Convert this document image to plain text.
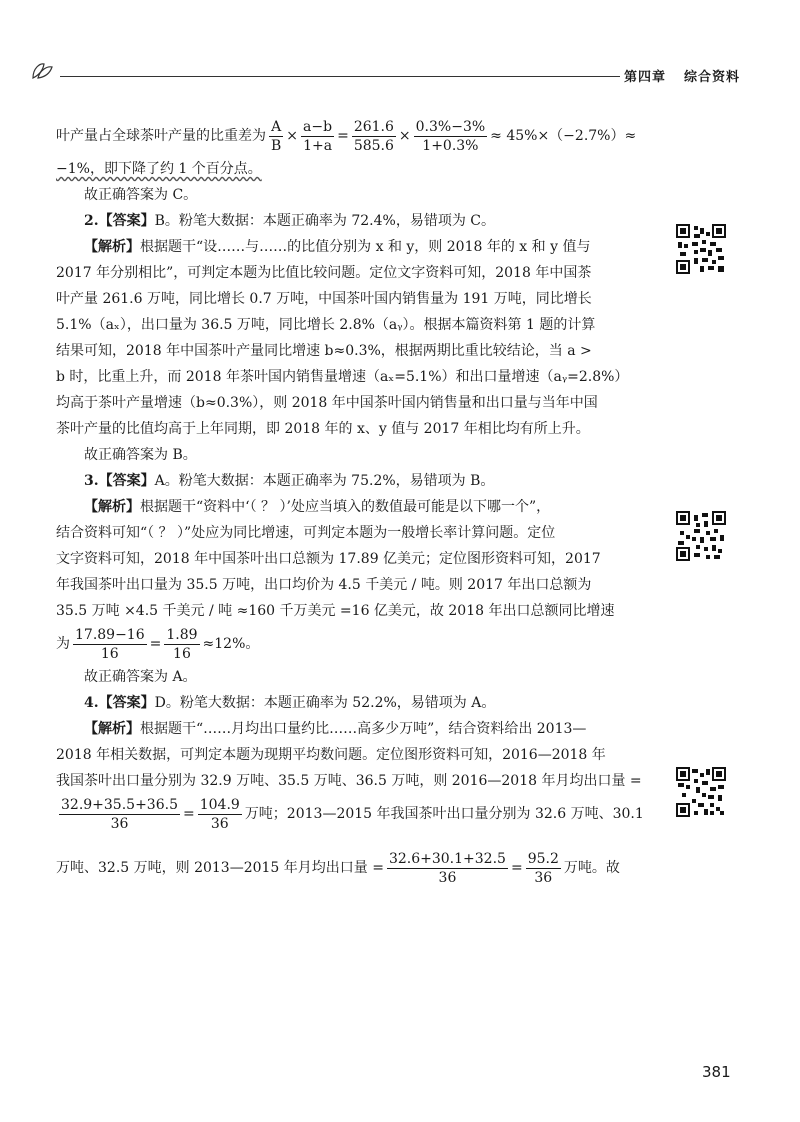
第四章 综合资料

叶产量占全球茶叶产量的比重差为 $\frac{A}{B} \times \frac{a-b}{1+a} = \frac{261.6}{585.6} \times \frac{0.3\%-3\%}{1+0.3\%} \approx 45\%\times(-2.7\%)\approx$

−1%，即下降了约 1 个百分点。

故正确答案为 C。

2.【答案】B。粉笔大数据：本题正确率为 72.4%，易错项为 C。

【解析】根据题干“设……与……的比值分别为 x 和 y，则 2018 年的 x 和 y 值与

2017 年分别相比”，可判定本题为比值比较问题。定位文字资料可知，2018 年中国茶

叶产量 261.6 万吨，同比增长 0.7 万吨，中国茶叶国内销售量为 191 万吨，同比增长

5.1%（aₓ），出口量为 36.5 万吨，同比增长 2.8%（aᵧ）。根据本篇资料第 1 题的计算

结果可知，2018 年中国茶叶产量同比增速 b≈0.3%，根据两期比重比较结论，当 a >

b 时，比重上升，而 2018 年茶叶国内销售量增速（aₓ=5.1%）和出口量增速（aᵧ=2.8%）

均高于茶叶产量增速（b≈0.3%），则 2018 年中国茶叶国内销售量和出口量与当年中国

茶叶产量的比值均高于上年同期，即 2018 年的 x、y 值与 2017 年相比均有所上升。

故正确答案为 B。

3.【答案】A。粉笔大数据：本题正确率为 75.2%，易错项为 B。

【解析】根据题干“资料中‘（ ？ ）’处应当填入的数值最可能是以下哪一个”，

结合资料可知“（ ？ ）”处应为同比增速，可判定本题为一般增长率计算问题。定位

文字资料可知，2018 年中国茶叶出口总额为 17.89 亿美元；定位图形资料可知，2017

年我国茶叶出口量为 35.5 万吨，出口均价为 4.5 千美元 / 吨。则 2017 年出口总额为

35.5 万吨 ×4.5 千美元 / 吨 ≈160 千万美元 =16 亿美元，故 2018 年出口总额同比增速

为 $\frac{17.89-16}{16} = \frac{1.89}{16} \approx 12\%$。

故正确答案为 A。

4.【答案】D。粉笔大数据：本题正确率为 52.2%，易错项为 A。

【解析】根据题干“……月均出口量约比……高多少万吨”，结合资料给出 2013—

2018 年相关数据，可判定本题为现期平均数问题。定位图形资料可知，2016—2018 年

我国茶叶出口量分别为 32.9 万吨、35.5 万吨、36.5 万吨，则 2016—2018 年月均出口量 =

$\frac{32.9+35.5+36.5}{36} = \frac{104.9}{36}$ 万吨；2013—2015 年我国茶叶出口量分别为 32.6 万吨、30.1

万吨、32.5 万吨，则 2013—2015 年月均出口量 = $\frac{32.6+30.1+32.5}{36} = \frac{95.2}{36}$ 万吨。故

381
